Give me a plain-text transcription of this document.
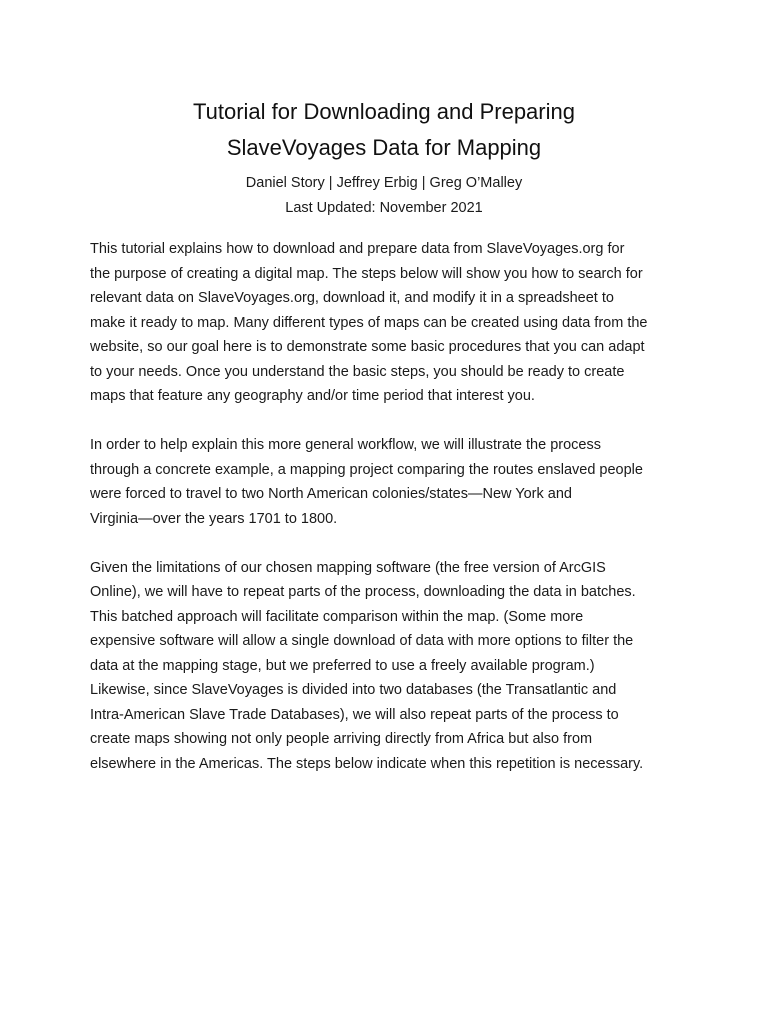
Tutorial for Downloading and Preparing
SlaveVoyages Data for Mapping
Daniel Story | Jeffrey Erbig | Greg O’Malley
Last Updated: November 2021
This tutorial explains how to download and prepare data from SlaveVoyages.org for
the purpose of creating a digital map. The steps below will show you how to search for
relevant data on SlaveVoyages.org, download it, and modify it in a spreadsheet to
make it ready to map. Many different types of maps can be created using data from the
website, so our goal here is to demonstrate some basic procedures that you can adapt
to your needs. Once you understand the basic steps, you should be ready to create
maps that feature any geography and/or time period that interest you.
In order to help explain this more general workflow, we will illustrate the process
through a concrete example, a mapping project comparing the routes enslaved people
were forced to travel to two North American colonies/states—New York and
Virginia—over the years 1701 to 1800.
Given the limitations of our chosen mapping software (the free version of ArcGIS
Online), we will have to repeat parts of the process, downloading the data in batches.
This batched approach will facilitate comparison within the map. (Some more
expensive software will allow a single download of data with more options to filter the
data at the mapping stage, but we preferred to use a freely available program.)
Likewise, since SlaveVoyages is divided into two databases (the Transatlantic and
Intra-American Slave Trade Databases), we will also repeat parts of the process to
create maps showing not only people arriving directly from Africa but also from
elsewhere in the Americas. The steps below indicate when this repetition is necessary.
